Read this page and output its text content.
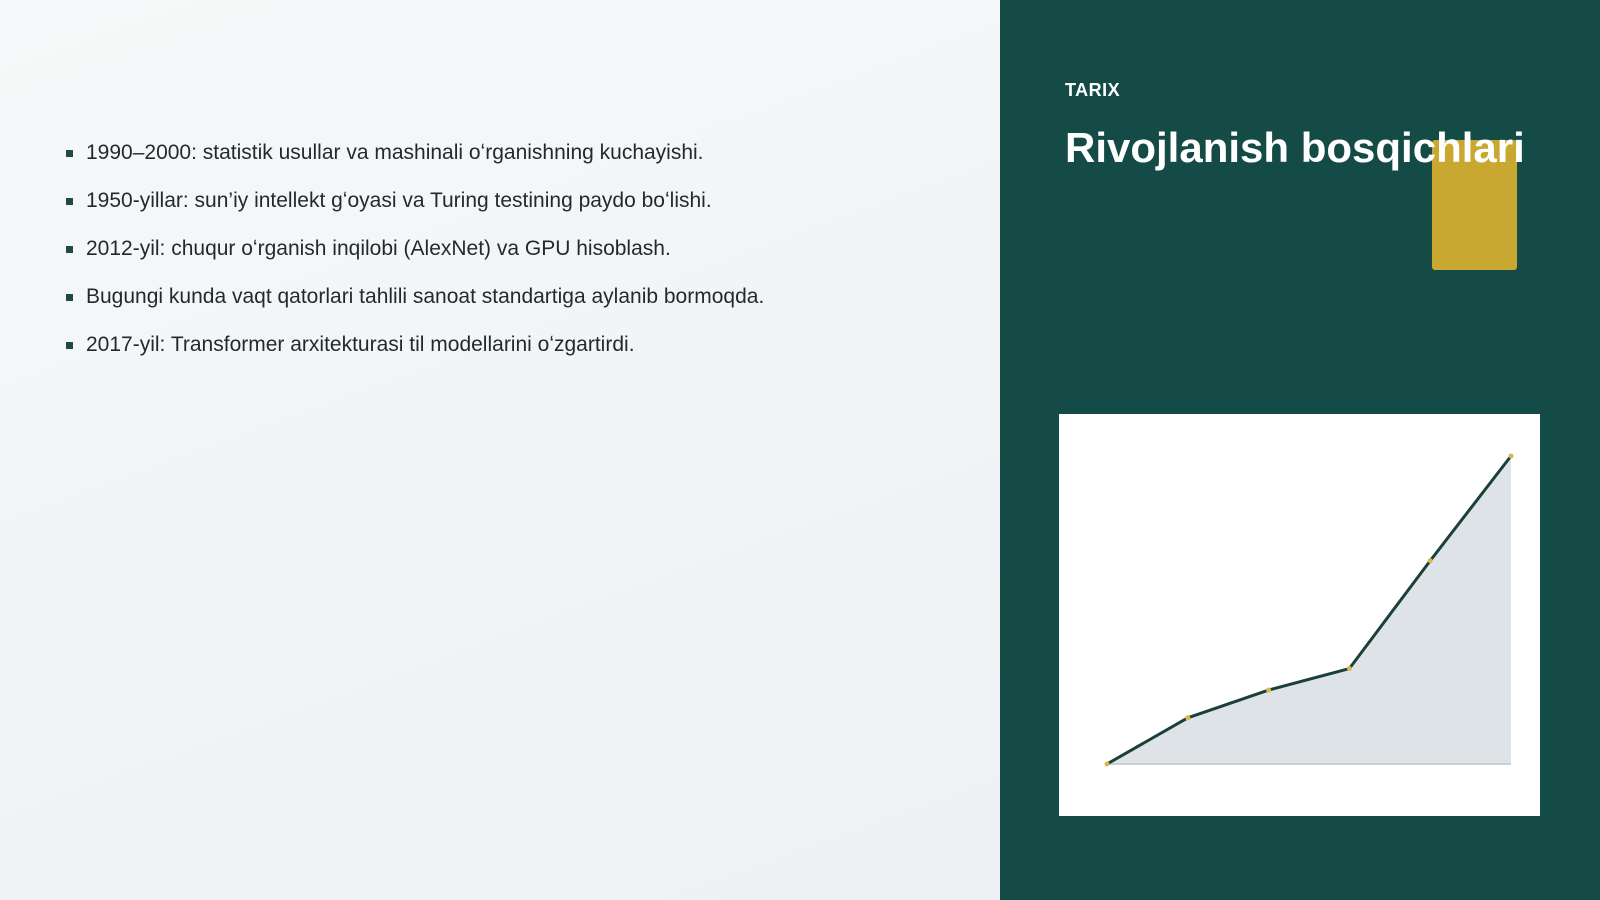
1990–2000: statistik usullar va mashinali oʻrganishning kuchayishi.
1950-yillar: sun’iy intellekt gʻoyasi va Turing testining paydo boʻlishi.
2012-yil: chuqur oʻrganish inqilobi (AlexNet) va GPU hisoblash.
Bugungi kunda vaqt qatorlari tahlili sanoat standartiga aylanib bormoqda.
2017-yil: Transformer arxitekturasi til modellarini oʻzgartirdi.
TARIX
Rivojlanish bosqichlari
